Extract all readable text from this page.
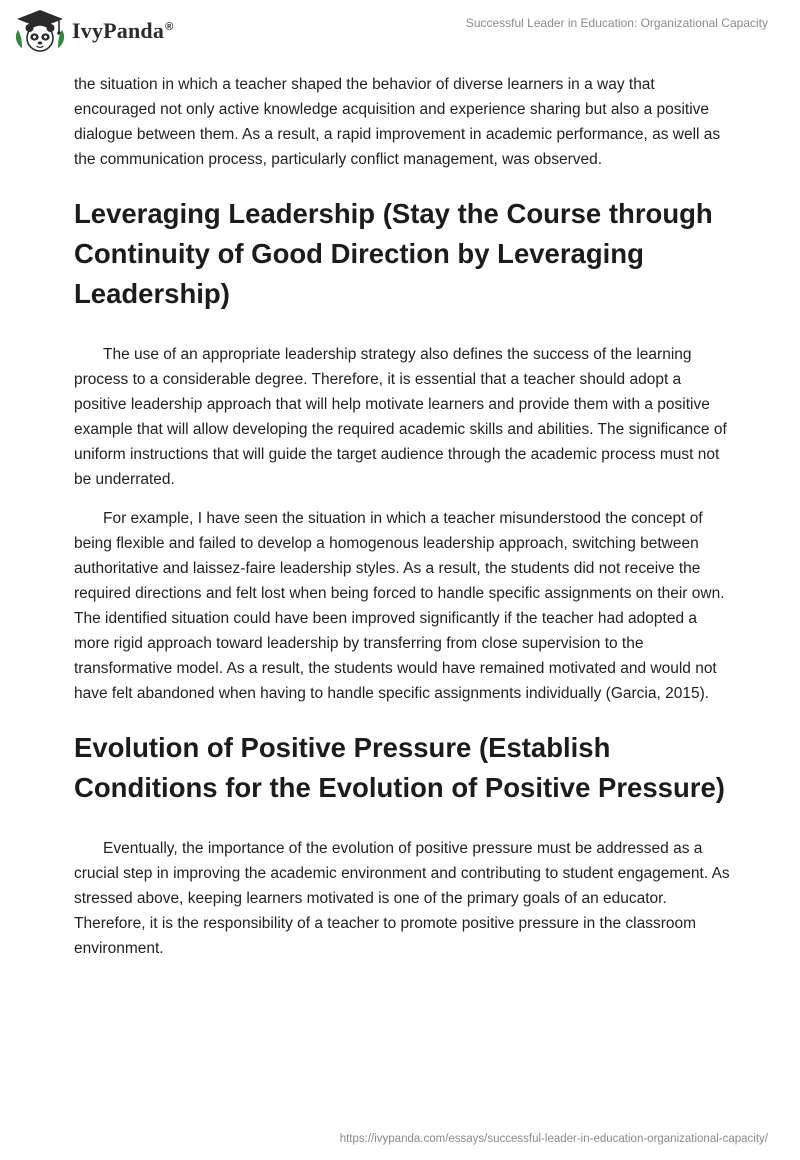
IvyPanda®	Successful Leader in Education: Organizational Capacity

the situation in which a teacher shaped the behavior of diverse learners in a way that encouraged not only active knowledge acquisition and experience sharing but also a positive dialogue between them. As a result, a rapid improvement in academic performance, as well as the communication process, particularly conflict management, was observed.

Leveraging Leadership (Stay the Course through Continuity of Good Direction by Leveraging Leadership)

The use of an appropriate leadership strategy also defines the success of the learning process to a considerable degree. Therefore, it is essential that a teacher should adopt a positive leadership approach that will help motivate learners and provide them with a positive example that will allow developing the required academic skills and abilities. The significance of uniform instructions that will guide the target audience through the academic process must not be underrated.

For example, I have seen the situation in which a teacher misunderstood the concept of being flexible and failed to develop a homogenous leadership approach, switching between authoritative and laissez-faire leadership styles. As a result, the students did not receive the required directions and felt lost when being forced to handle specific assignments on their own. The identified situation could have been improved significantly if the teacher had adopted a more rigid approach toward leadership by transferring from close supervision to the transformative model. As a result, the students would have remained motivated and would not have felt abandoned when having to handle specific assignments individually (Garcia, 2015).

Evolution of Positive Pressure (Establish Conditions for the Evolution of Positive Pressure)

Eventually, the importance of the evolution of positive pressure must be addressed as a crucial step in improving the academic environment and contributing to student engagement. As stressed above, keeping learners motivated is one of the primary goals of an educator. Therefore, it is the responsibility of a teacher to promote positive pressure in the classroom environment.

https://ivypanda.com/essays/successful-leader-in-education-organizational-capacity/
